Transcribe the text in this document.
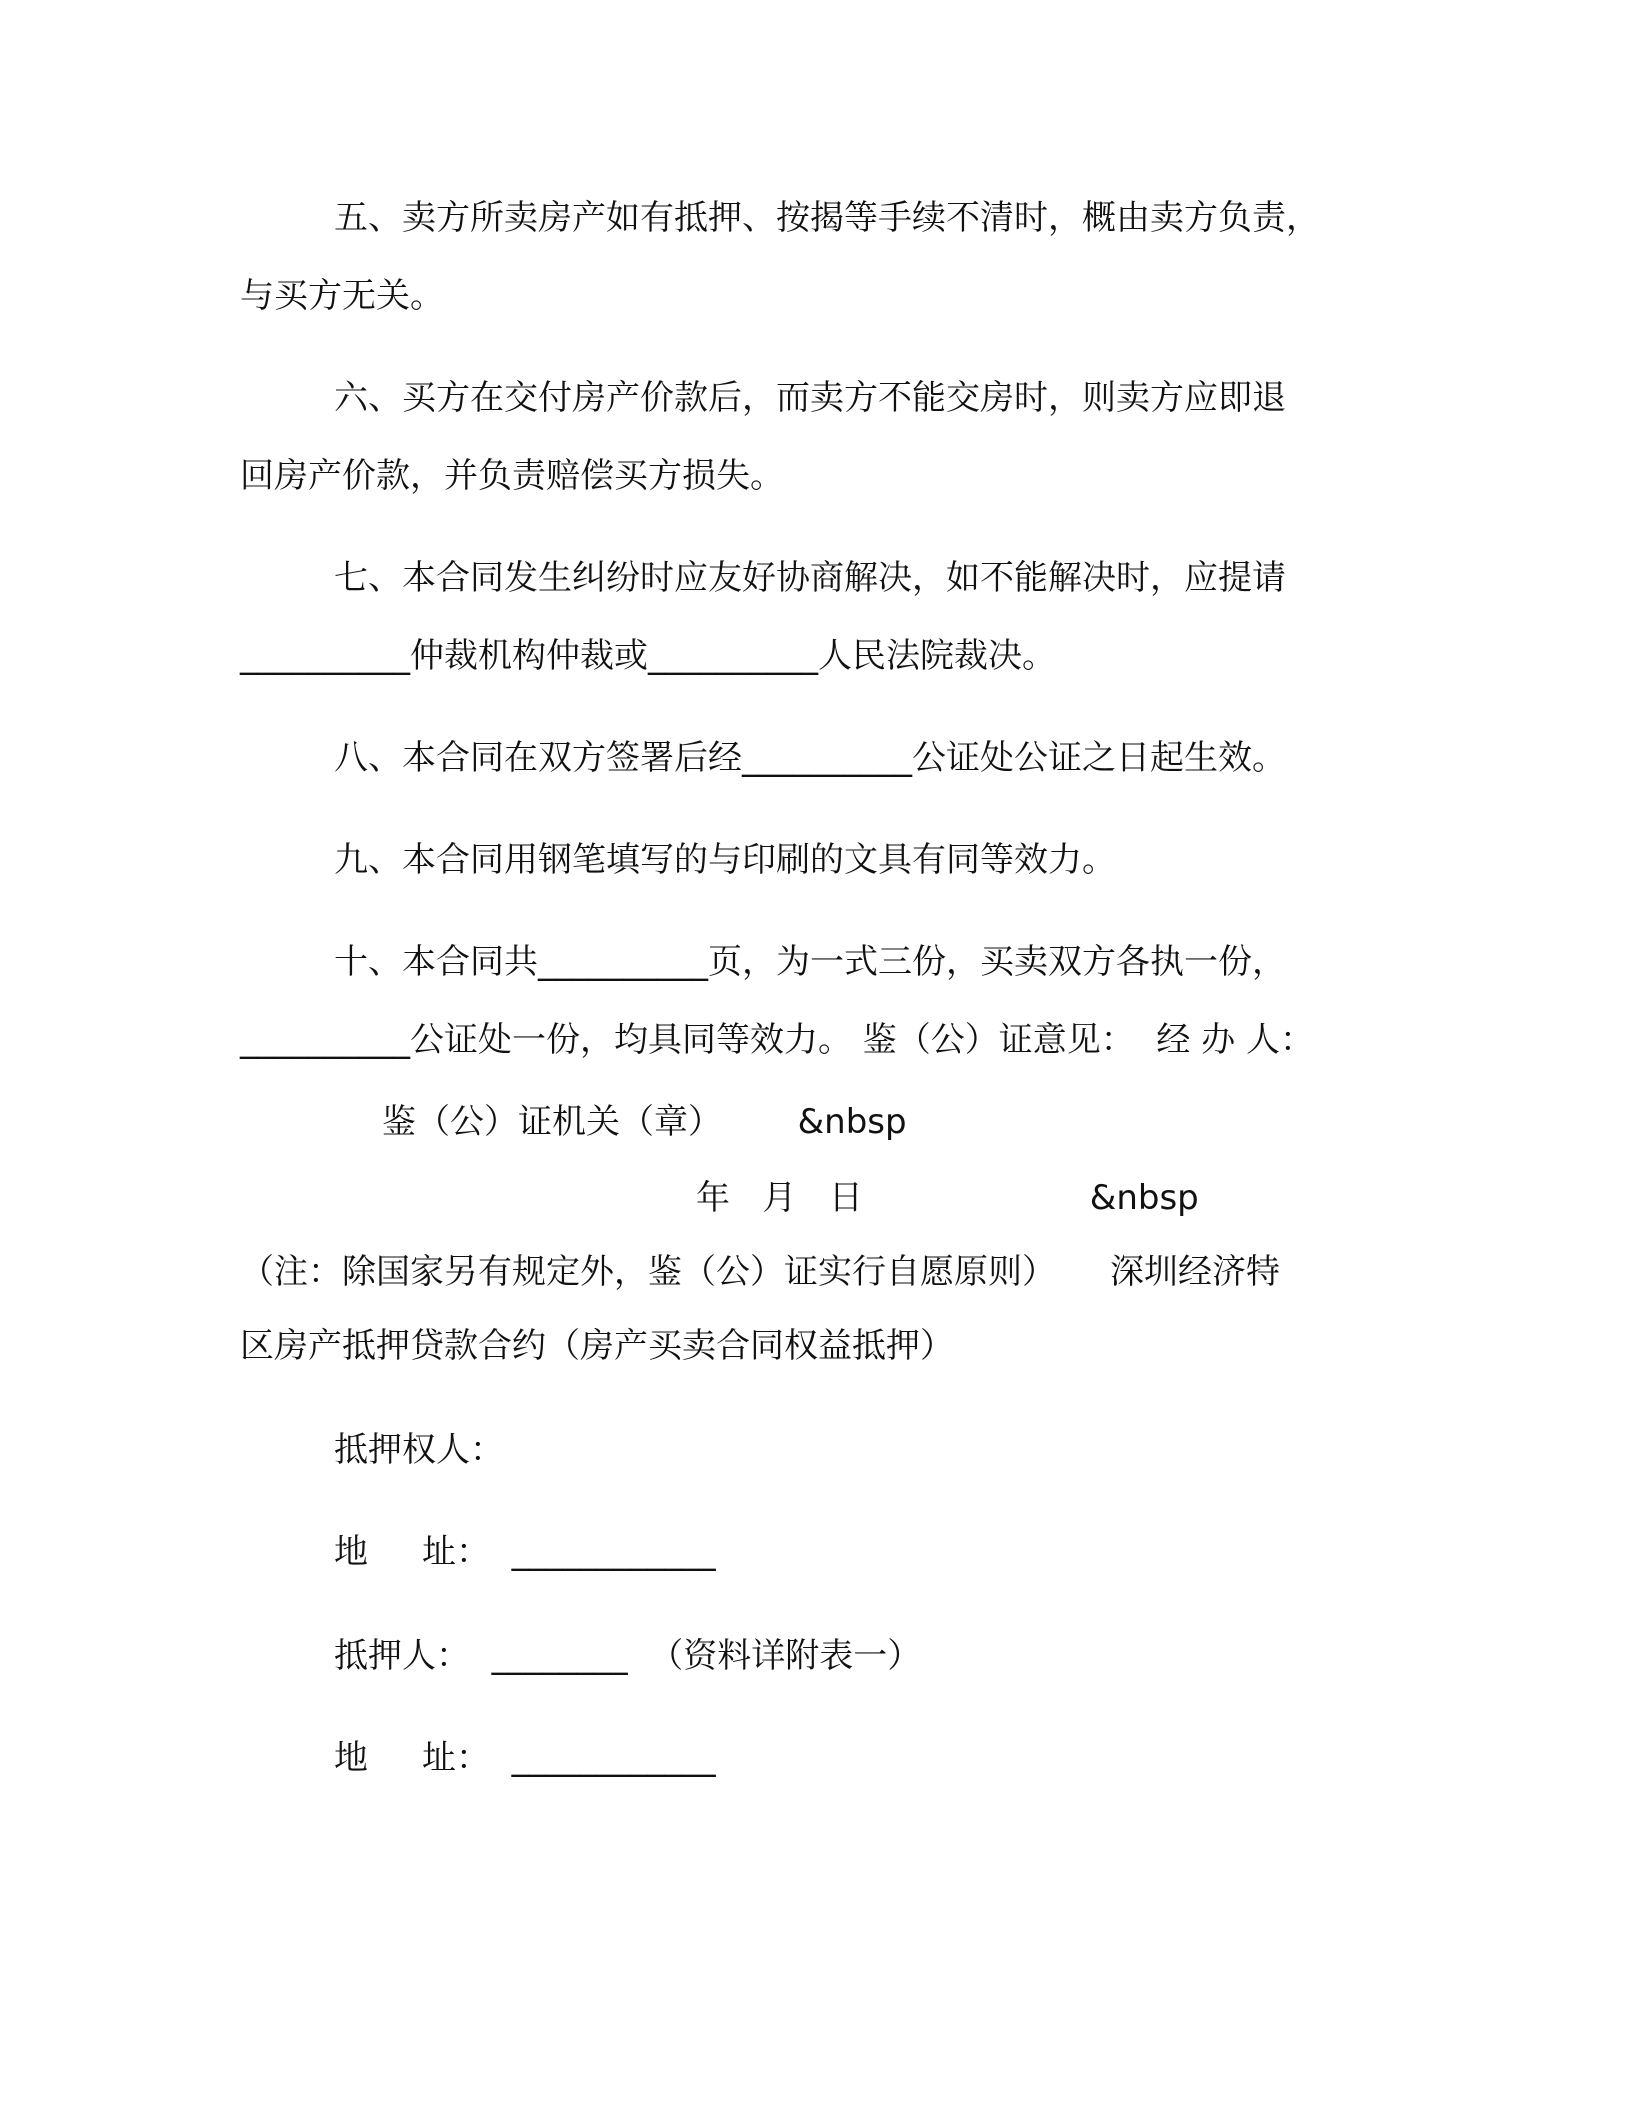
五、卖方所卖房产如有抵押、按揭等手续不清时，概由卖方负责，
与买方无关。
六、买方在交付房产价款后，而卖方不能交房时，则卖方应即退
回房产价款，并负责赔偿买方损失。
七、本合同发生纠纷时应友好协商解决，如不能解决时，应提请
__________仲裁机构仲裁或__________人民法院裁决。
八、本合同在双方签署后经__________公证处公证之日起生效。
九、本合同用钢笔填写的与印刷的文具有同等效力。
十、本合同共__________页，为一式三份，买卖双方各执一份，
__________公证处一份，均具同等效力。 鉴（公）证意见：  经 办 人：
鉴（公）证机关（章）       &nbsp
年   月   日                     &nbsp
（注：除国家另有规定外，鉴（公）证实行自愿原则）     深圳经济特
区房产抵押贷款合约（房产买卖合同权益抵押）
抵押权人：
地     址：  ____________
抵押人：  ________  （资料详附表一）
地     址：  ____________
